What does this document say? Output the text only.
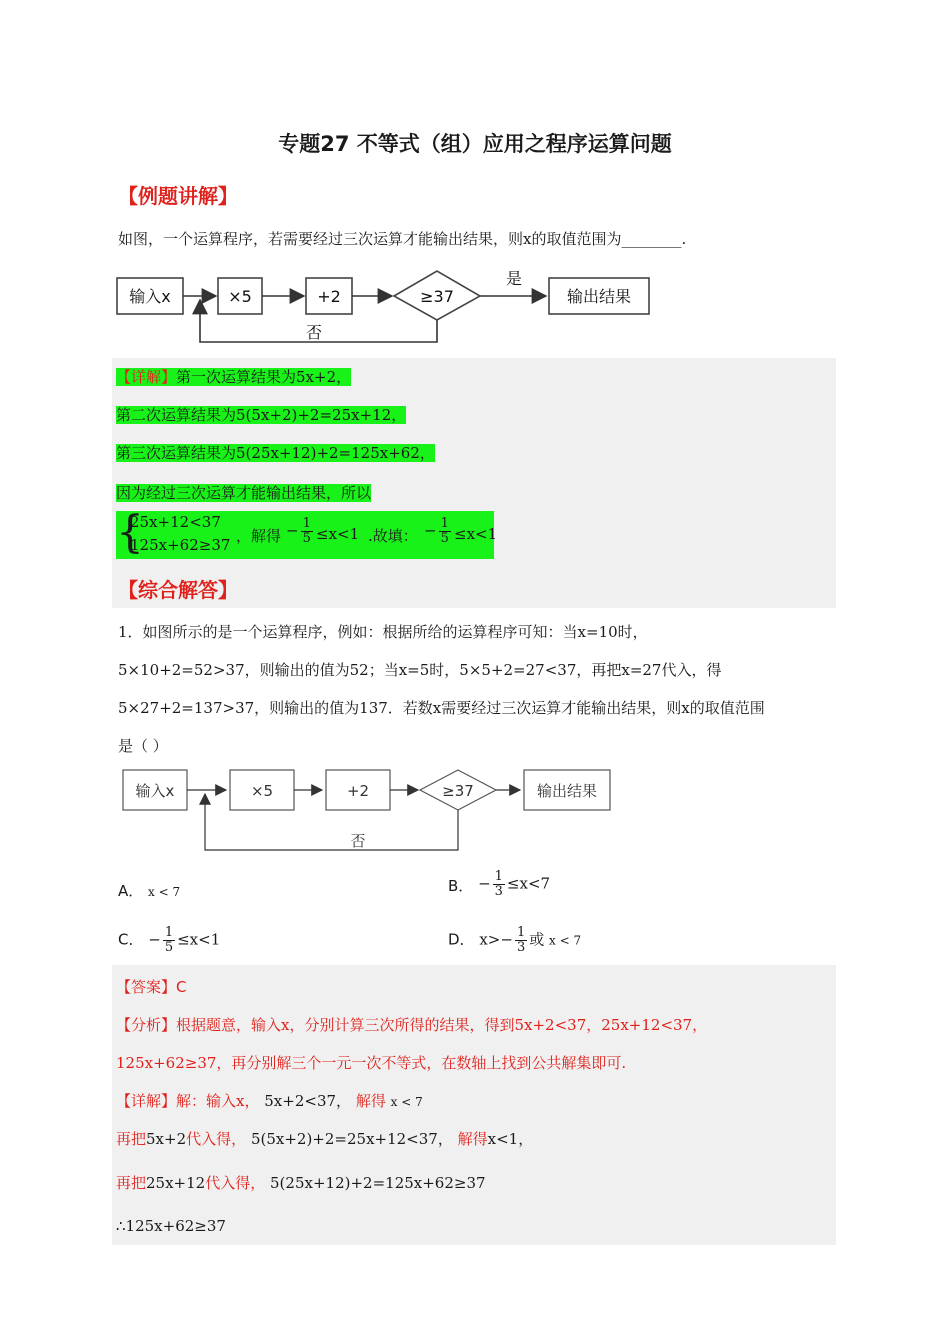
专题27 不等式（组）应用之程序运算问题
【例题讲解】
如图，一个运算程序，若需要经过三次运算才能输出结果，则x的取值范围为________.
输入x	×5	+2	≥37
是
输出结果
否
【详解】第一次运算结果为5x+2，
第二次运算结果为5(5x+2)+2=25x+12，
第三次运算结果为5(25x+12)+2=125x+62，
因为经过三次运算才能输出结果，所以
{
25x+12<37
125x+62≥37 ，解得 − $\frac{1}{5} \le x<1$ .故填： − $\frac{1}{5} \le x<1$
【综合解答】
1．如图所示的是一个运算程序，例如：根据所给的运算程序可知：当x=10时，
5×10+2=52>37，则输出的值为52；当x=5时，5×5+2=27<37，再把x=27代入，得
5×27+2=137>37，则输出的值为137．若数x需要经过三次运算才能输出结果，则x的取值范围
是（ ）
输入x	×5	+2	≥37	输出结果
否
A． x < 7	B． − $\frac{1}{3} \le x<7$
C． − $\frac{1}{5} \le x<1$	D． $x>- \frac{1}{3}$ 或 x < 7
【答案】C
【分析】根据题意，输入x，分别计算三次所得的结果，得到5x+2<37，25x+12<37，
125x+62≥37，再分别解三个一元一次不等式，在数轴上找到公共解集即可.
【详解】解：输入x， 5x+2<37， 解得 x < 7
再把5x+2代入得， 5(5x+2)+2=25x+12<37， 解得x<1，
再把25x+12代入得， 5(25x+12)+2=125x+62≥37
∴125x+62≥37
